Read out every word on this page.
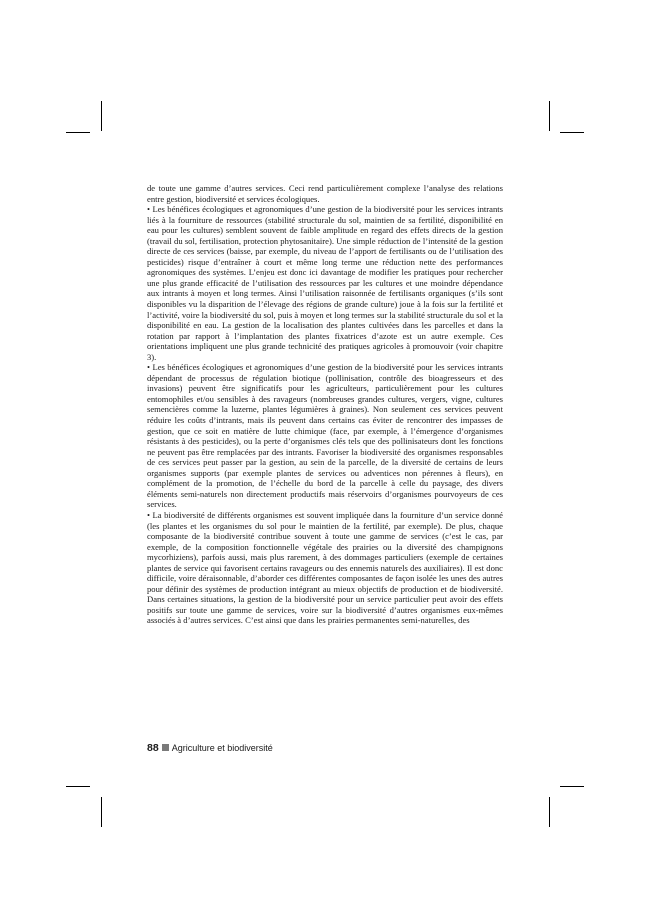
de toute une gamme d’autres services. Ceci rend particulièrement complexe l’analyse des relations entre gestion, biodiversité et services écologiques.

• Les bénéfices écologiques et agronomiques d’une gestion de la biodiversité pour les services intrants liés à la fourniture de ressources (stabilité structurale du sol, maintien de sa fertilité, disponibilité en eau pour les cultures) semblent souvent de faible amplitude en regard des effets directs de la gestion (travail du sol, fertilisation, protection phytosanitaire). Une simple réduction de l’intensité de la gestion directe de ces services (baisse, par exemple, du niveau de l’apport de fertilisants ou de l’utilisation des pesticides) risque d’entraîner à court et même long terme une réduction nette des performances agronomiques des systèmes. L’enjeu est donc ici davantage de modifier les pratiques pour rechercher une plus grande efficacité de l’utilisation des ressources par les cultures et une moindre dépendance aux intrants à moyen et long termes. Ainsi l’utilisation raisonnée de fertilisants organiques (s’ils sont disponibles vu la disparition de l’élevage des régions de grande culture) joue à la fois sur la fertilité et l’activité, voire la biodiversité du sol, puis à moyen et long termes sur la stabilité structurale du sol et la disponibilité en eau. La gestion de la localisation des plantes cultivées dans les parcelles et dans la rotation par rapport à l’implantation des plantes fixatrices d’azote est un autre exemple. Ces orientations impliquent une plus grande technicité des pratiques agricoles à promouvoir (voir chapitre 3).

• Les bénéfices écologiques et agronomiques d’une gestion de la biodiversité pour les services intrants dépendant de processus de régulation biotique (pollinisation, contrôle des bioagresseurs et des invasions) peuvent être significatifs pour les agriculteurs, particulièrement pour les cultures entomophiles et/ou sensibles à des ravageurs (nombreuses grandes cultures, vergers, vigne, cultures semencières comme la luzerne, plantes légumières à graines). Non seulement ces services peuvent réduire les coûts d’intrants, mais ils peuvent dans certains cas éviter de rencontrer des impasses de gestion, que ce soit en matière de lutte chimique (face, par exemple, à l’émergence d’organismes résistants à des pesticides), ou la perte d’organismes clés tels que des pollinisateurs dont les fonctions ne peuvent pas être remplacées par des intrants. Favoriser la biodiversité des organismes responsables de ces services peut passer par la gestion, au sein de la parcelle, de la diversité de certains de leurs organismes supports (par exemple plantes de services ou adventices non pérennes à fleurs), en complément de la promotion, de l’échelle du bord de la parcelle à celle du paysage, des divers éléments semi-naturels non directement productifs mais réservoirs d’organismes pourvoyeurs de ces services.

• La biodiversité de différents organismes est souvent impliquée dans la fourniture d’un service donné (les plantes et les organismes du sol pour le maintien de la fertilité, par exemple). De plus, chaque composante de la biodiversité contribue souvent à toute une gamme de services (c’est le cas, par exemple, de la composition fonctionnelle végétale des prairies ou la diversité des champignons mycorhiziens), parfois aussi, mais plus rarement, à des dommages particuliers (exemple de certaines plantes de service qui favorisent certains ravageurs ou des ennemis naturels des auxiliaires). Il est donc difficile, voire déraisonnable, d’aborder ces différentes composantes de façon isolée les unes des autres pour définir des systèmes de production intégrant au mieux objectifs de production et de biodiversité. Dans certaines situations, la gestion de la biodiversité pour un service particulier peut avoir des effets positifs sur toute une gamme de services, voire sur la biodiversité d’autres organismes eux-mêmes associés à d’autres services. C’est ainsi que dans les prairies permanentes semi-naturelles, des

88 Agriculture et biodiversité
